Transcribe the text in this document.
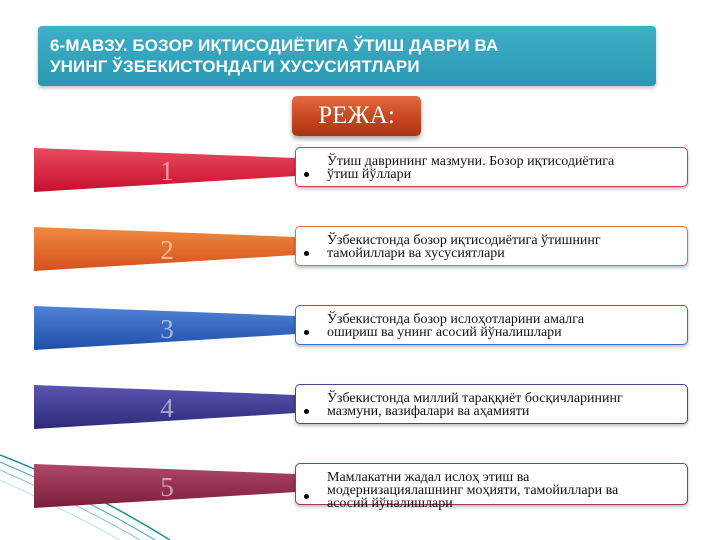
6-МАВЗУ. БОЗОР ИҚТИСОДИЁТИГА ЎТИШ ДАВРИ ВА
УНИНГ ЎЗБЕКИСТОНДАГИ ХУСУСИЯТЛАРИ
РЕЖА:
1	Ўтиш даврининг мазмуни. Бозор иқтисодиётига
ўтиш йўллари
2	Ўзбекистонда бозор иқтисодиётига ўтишнинг
тамойиллари ва хусусиятлари
3	Ўзбекистонда бозор ислоҳотларини амалга
ошириш ва унинг асосий йўналишлари
4	Ўзбекистонда миллий тараққиёт босқичларининг
мазмуни, вазифалари ва аҳамияти
5	Мамлакатни жадал ислоҳ этиш ва
модернизациялашнинг моҳияти, тамойиллари ва
асосий йўналишлари
